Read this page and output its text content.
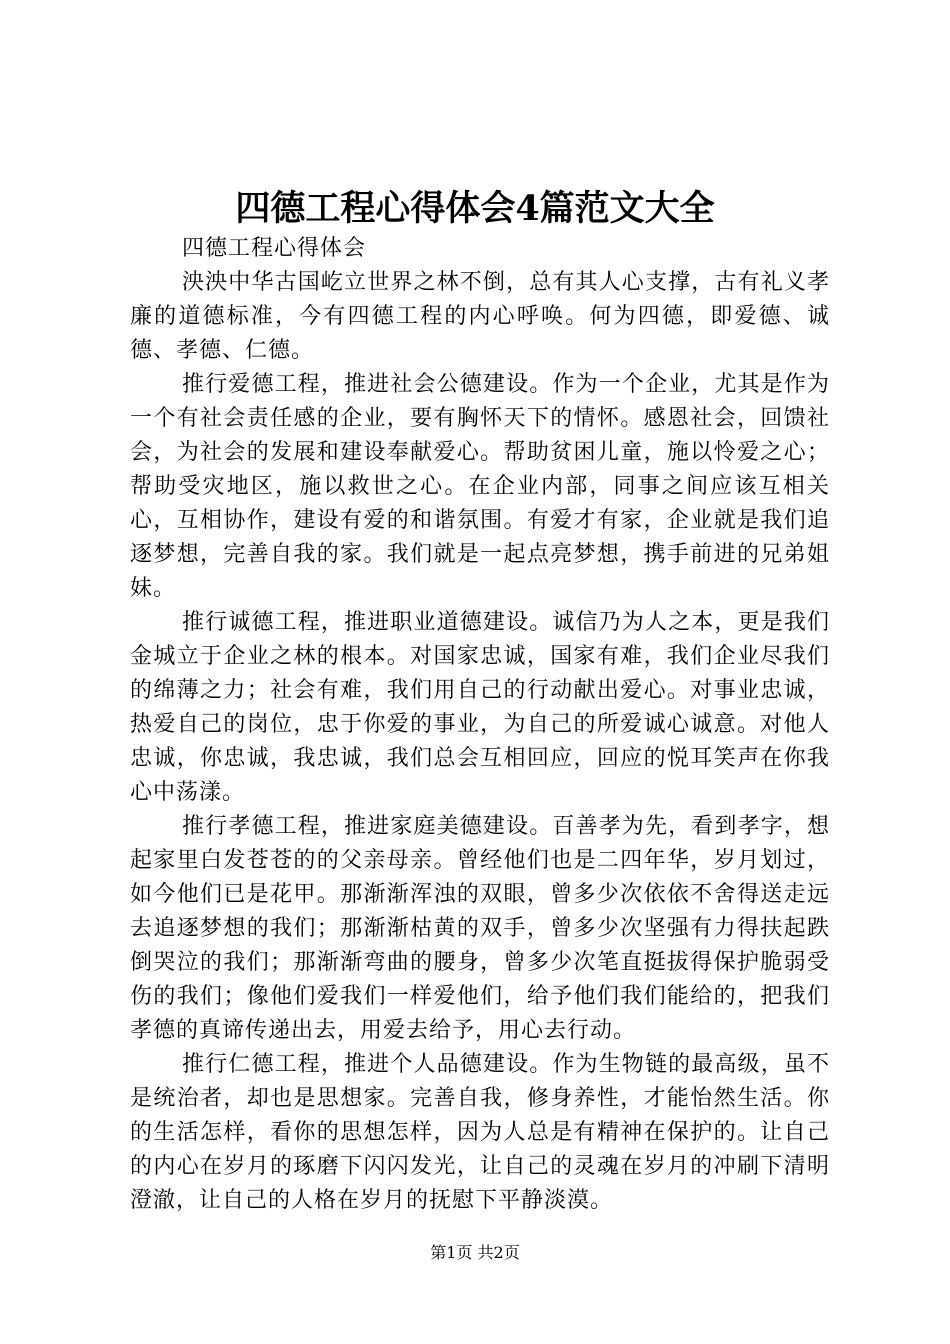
四德工程心得体会4篇范文大全

四德工程心得体会

泱泱中华古国屹立世界之林不倒，总有其人心支撑，古有礼义孝廉的道德标准，今有四德工程的内心呼唤。何为四德，即爱德、诚德、孝德、仁德。

推行爱德工程，推进社会公德建设。作为一个企业，尤其是作为一个有社会责任感的企业，要有胸怀天下的情怀。感恩社会，回馈社会，为社会的发展和建设奉献爱心。帮助贫困儿童，施以怜爱之心；帮助受灾地区，施以救世之心。在企业内部，同事之间应该互相关心，互相协作，建设有爱的和谐氛围。有爱才有家，企业就是我们追逐梦想，完善自我的家。我们就是一起点亮梦想，携手前进的兄弟姐妹。

推行诚德工程，推进职业道德建设。诚信乃为人之本，更是我们金城立于企业之林的根本。对国家忠诚，国家有难，我们企业尽我们的绵薄之力；社会有难，我们用自己的行动献出爱心。对事业忠诚，热爱自己的岗位，忠于你爱的事业，为自己的所爱诚心诚意。对他人忠诚，你忠诚，我忠诚，我们总会互相回应，回应的悦耳笑声在你我心中荡漾。

推行孝德工程，推进家庭美德建设。百善孝为先，看到孝字，想起家里白发苍苍的的父亲母亲。曾经他们也是二四年华，岁月划过，如今他们已是花甲。那渐渐浑浊的双眼，曾多少次依依不舍得送走远去追逐梦想的我们；那渐渐枯黄的双手，曾多少次坚强有力得扶起跌倒哭泣的我们；那渐渐弯曲的腰身，曾多少次笔直挺拔得保护脆弱受伤的我们；像他们爱我们一样爱他们，给予他们我们能给的，把我们孝德的真谛传递出去，用爱去给予，用心去行动。

推行仁德工程，推进个人品德建设。作为生物链的最高级，虽不是统治者，却也是思想家。完善自我，修身养性，才能怡然生活。你的生活怎样，看你的思想怎样，因为人总是有精神在保护的。让自己的内心在岁月的琢磨下闪闪发光，让自己的灵魂在岁月的冲刷下清明澄澈，让自己的人格在岁月的抚慰下平静淡漠。

第1页 共2页
